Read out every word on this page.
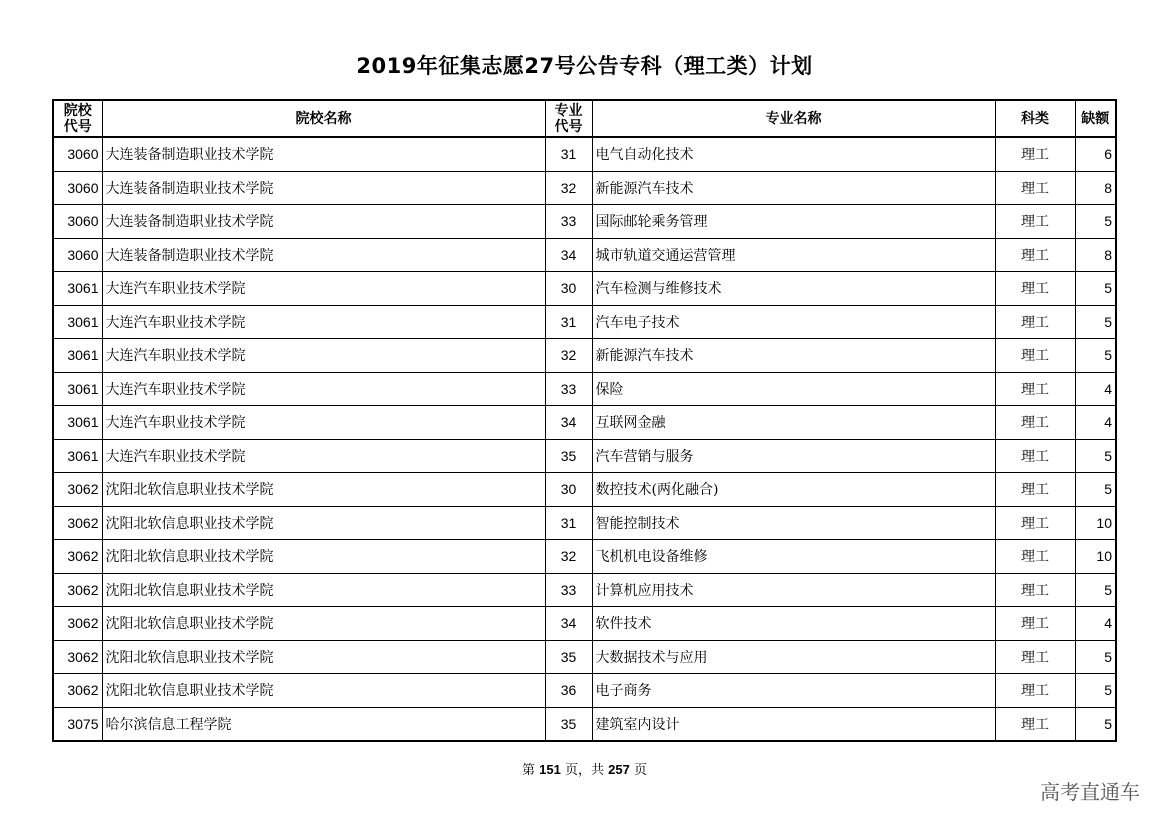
2019年征集志愿27号公告专科（理工类）计划
院校代号	院校名称	专业代号	专业名称	科类	缺额
3060	大连装备制造职业技术学院	31	电气自动化技术	理工	6
3060	大连装备制造职业技术学院	32	新能源汽车技术	理工	8
3060	大连装备制造职业技术学院	33	国际邮轮乘务管理	理工	5
3060	大连装备制造职业技术学院	34	城市轨道交通运营管理	理工	8
3061	大连汽车职业技术学院	30	汽车检测与维修技术	理工	5
3061	大连汽车职业技术学院	31	汽车电子技术	理工	5
3061	大连汽车职业技术学院	32	新能源汽车技术	理工	5
3061	大连汽车职业技术学院	33	保险	理工	4
3061	大连汽车职业技术学院	34	互联网金融	理工	4
3061	大连汽车职业技术学院	35	汽车营销与服务	理工	5
3062	沈阳北软信息职业技术学院	30	数控技术(两化融合)	理工	5
3062	沈阳北软信息职业技术学院	31	智能控制技术	理工	10
3062	沈阳北软信息职业技术学院	32	飞机机电设备维修	理工	10
3062	沈阳北软信息职业技术学院	33	计算机应用技术	理工	5
3062	沈阳北软信息职业技术学院	34	软件技术	理工	4
3062	沈阳北软信息职业技术学院	35	大数据技术与应用	理工	5
3062	沈阳北软信息职业技术学院	36	电子商务	理工	5
3075	哈尔滨信息工程学院	35	建筑室内设计	理工	5
第 151 页，共 257 页
高考直通车
